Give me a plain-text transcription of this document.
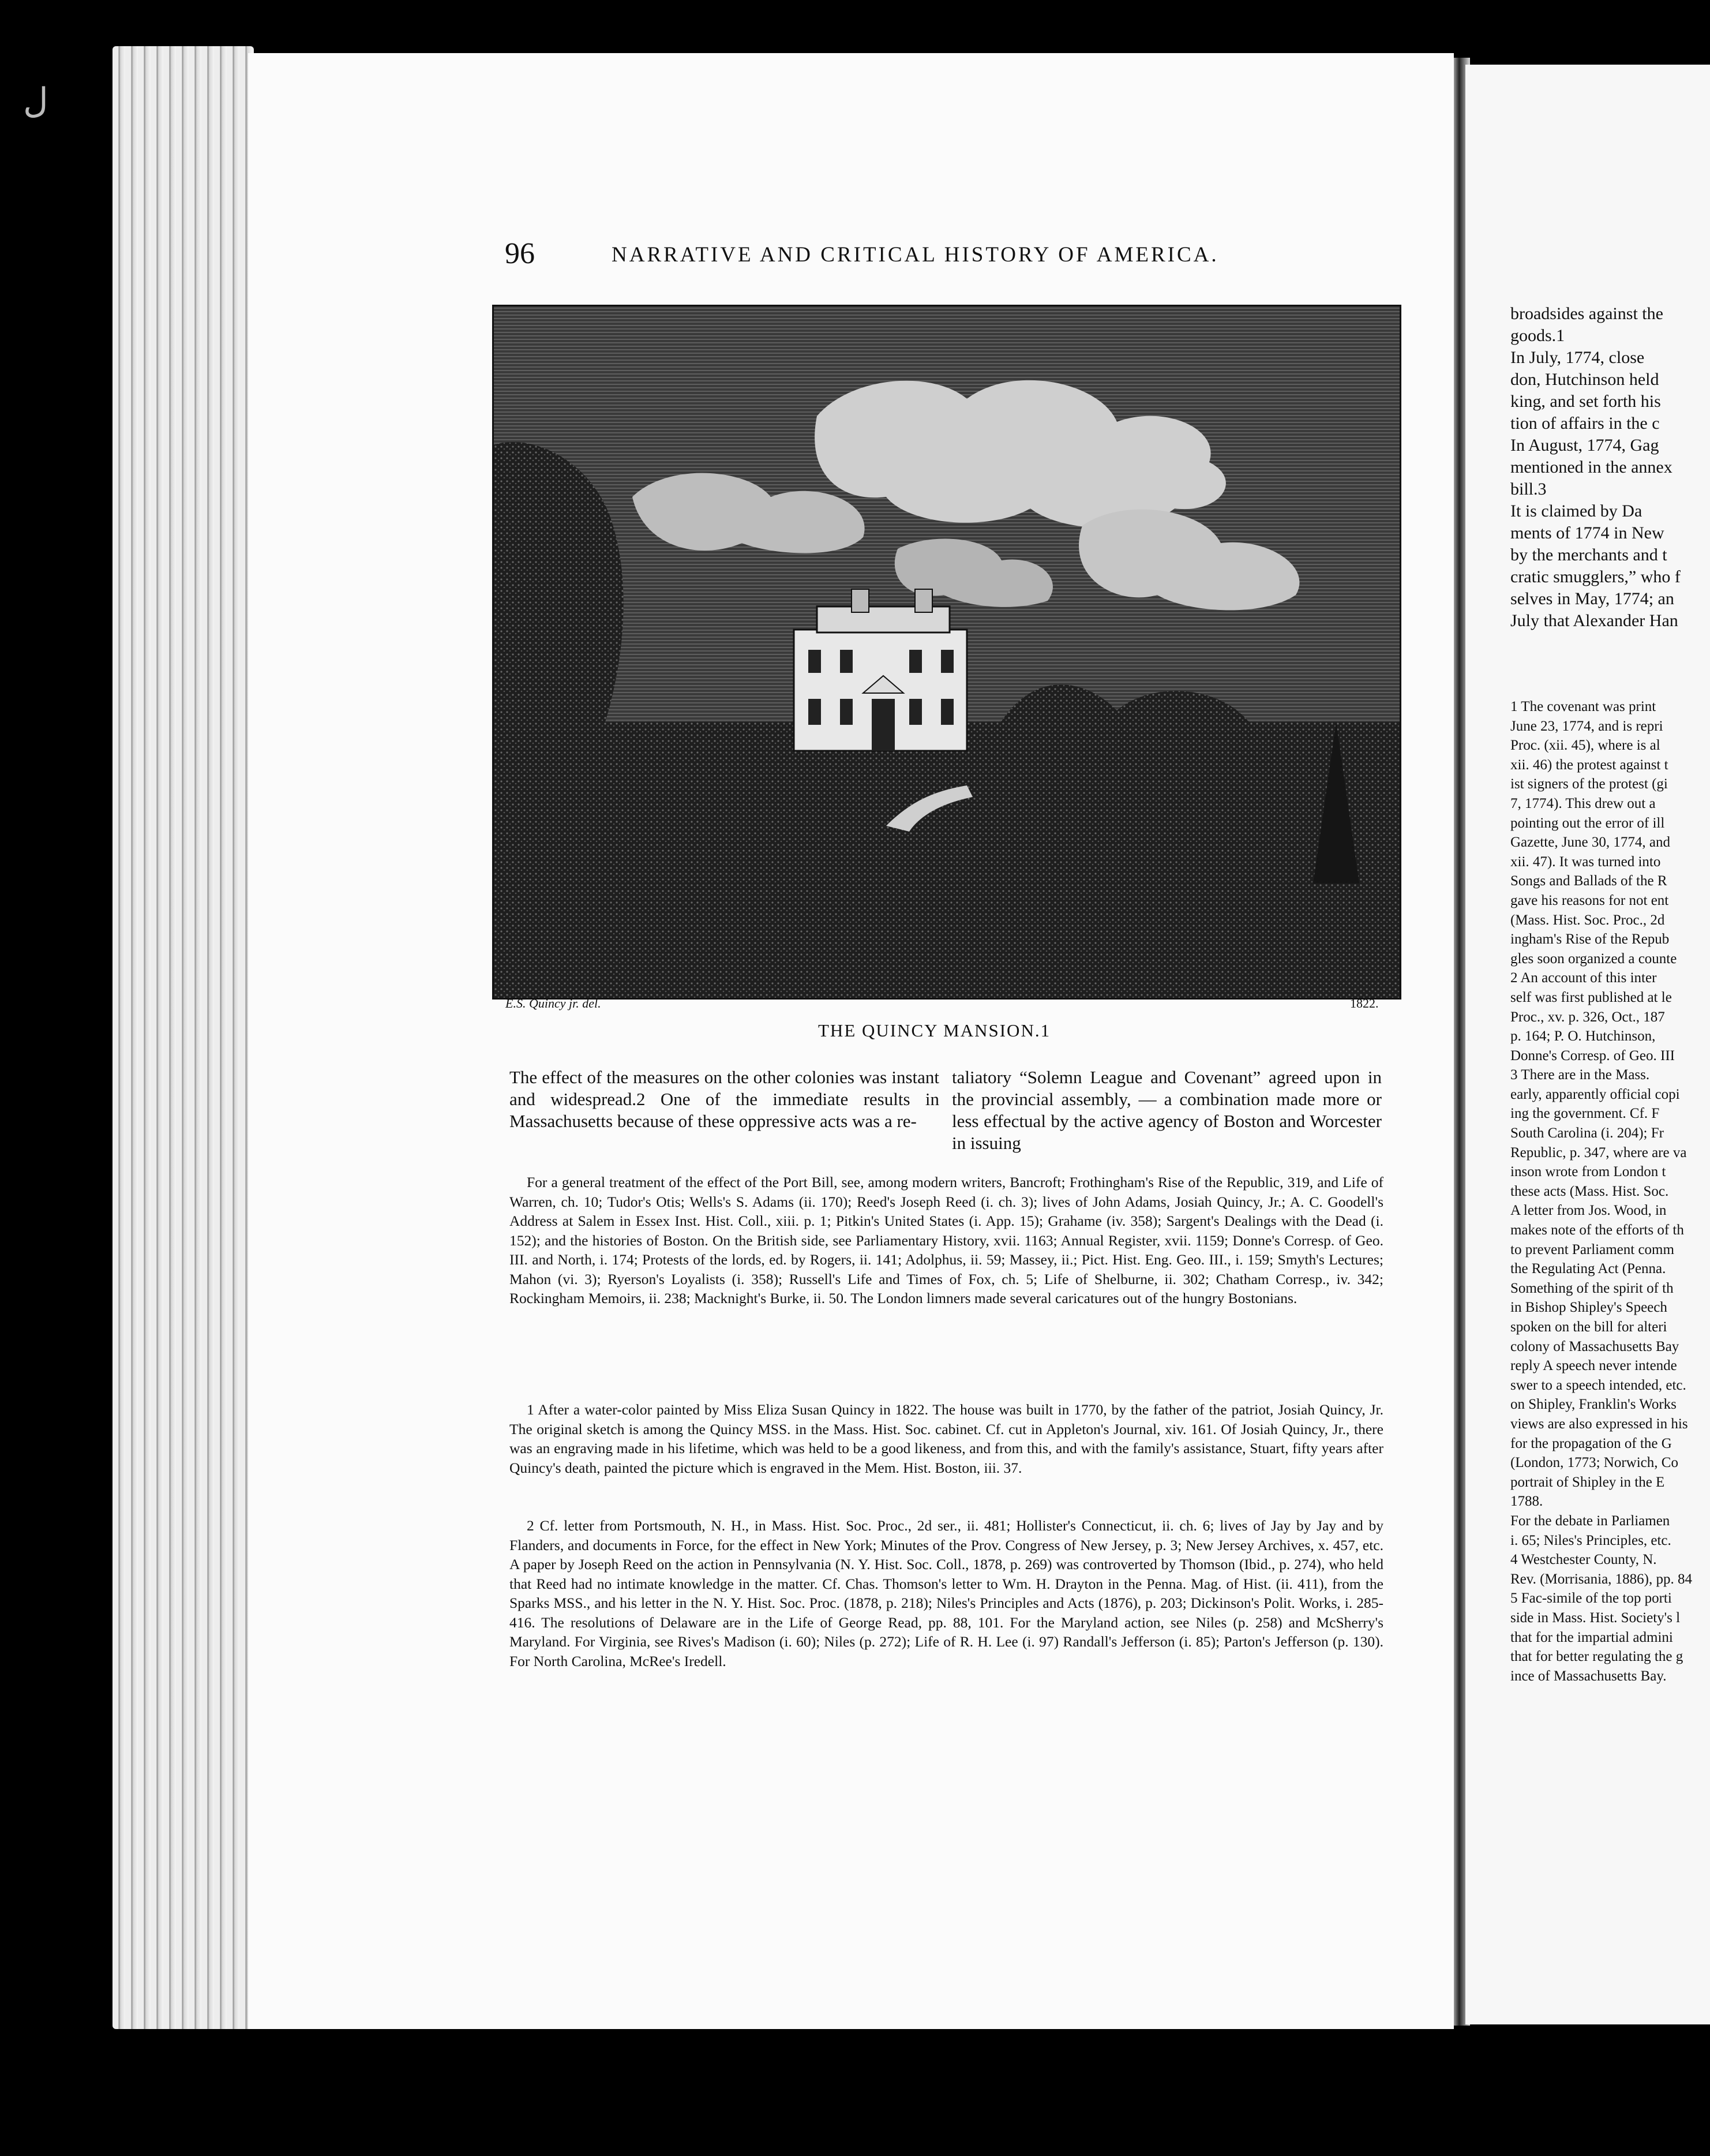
ل
96	NARRATIVE AND CRITICAL HISTORY OF AMERICA.
E.S. Quincy jr. del.	1822.
THE QUINCY MANSION.1

The effect of the measures on the other colonies was instant and widespread.2 One of the immediate results in Massachusetts because of these oppressive acts was a re-

taliatory “Solemn League and Covenant” agreed upon in the provincial assembly, — a combination made more or less effectual by the active agency of Boston and Worcester in issuing

For a general treatment of the effect of the Port Bill, see, among modern writers, Bancroft; Frothingham's Rise of the Republic, 319, and Life of Warren, ch. 10; Tudor's Otis; Wells's S. Adams (ii. 170); Reed's Joseph Reed (i. ch. 3); lives of John Adams, Josiah Quincy, Jr.; A. C. Goodell's Address at Salem in Essex Inst. Hist. Coll., xiii. p. 1; Pitkin's United States (i. App. 15); Grahame (iv. 358); Sargent's Dealings with the Dead (i. 152); and the histories of Boston. On the British side, see Parliamentary History, xvii. 1163; Annual Register, xvii. 1159; Donne's Corresp. of Geo. III. and North, i. 174; Protests of the lords, ed. by Rogers, ii. 141; Adolphus, ii. 59; Massey, ii.; Pict. Hist. Eng. Geo. III., i. 159; Smyth's Lectures; Mahon (vi. 3); Ryerson's Loyalists (i. 358); Russell's Life and Times of Fox, ch. 5; Life of Shelburne, ii. 302; Chatham Corresp., iv. 342; Rockingham Memoirs, ii. 238; Macknight's Burke, ii. 50. The London limners made several caricatures out of the hungry Bostonians.

1 After a water-color painted by Miss Eliza Susan Quincy in 1822. The house was built in 1770, by the father of the patriot, Josiah Quincy, Jr. The original sketch is among the Quincy MSS. in the Mass. Hist. Soc. cabinet. Cf. cut in Appleton's Journal, xiv. 161. Of Josiah Quincy, Jr., there was an engraving made in his lifetime, which was held to be a good likeness, and from this, and with the family's assistance, Stuart, fifty years after Quincy's death, painted the picture which is engraved in the Mem. Hist. Boston, iii. 37.

2 Cf. letter from Portsmouth, N. H., in Mass. Hist. Soc. Proc., 2d ser., ii. 481; Hollister's Connecticut, ii. ch. 6; lives of Jay by Jay and by Flanders, and documents in Force, for the effect in New York; Minutes of the Prov. Congress of New Jersey, p. 3; New Jersey Archives, x. 457, etc. A paper by Joseph Reed on the action in Pennsylvania (N. Y. Hist. Soc. Coll., 1878, p. 269) was controverted by Thomson (Ibid., p. 274), who held that Reed had no intimate knowledge in the matter. Cf. Chas. Thomson's letter to Wm. H. Drayton in the Penna. Mag. of Hist. (ii. 411), from the Sparks MSS., and his letter in the N. Y. Hist. Soc. Proc. (1878, p. 218); Niles's Principles and Acts (1876), p. 203; Dickinson's Polit. Works, i. 285-416. The resolutions of Delaware are in the Life of George Read, pp. 88, 101. For the Maryland action, see Niles (p. 258) and McSherry's Maryland. For Virginia, see Rives's Madison (i. 60); Niles (p. 272); Life of R. H. Lee (i. 97) Randall's Jefferson (i. 85); Parton's Jefferson (p. 130). For North Carolina, McRee's Iredell.

broadsides against the
goods.1
In July, 1774, close
don, Hutchinson held
king, and set forth his
tion of affairs in the c
In August, 1774, Gag
mentioned in the annex
bill.3
It is claimed by Da
ments of 1774 in New
by the merchants and t
cratic smugglers,” who f
selves in May, 1774; an
July that Alexander Han
1 The covenant was print
June 23, 1774, and is repri
Proc. (xii. 45), where is al
xii. 46) the protest against t
ist signers of the protest (gi
7, 1774). This drew out a
pointing out the error of ill
Gazette, June 30, 1774, and
xii. 47). It was turned into
Songs and Ballads of the R
gave his reasons for not ent
(Mass. Hist. Soc. Proc., 2d
ingham's Rise of the Repub
gles soon organized a counte
2 An account of this inter
self was first published at le
Proc., xv. p. 326, Oct., 187
p. 164; P. O. Hutchinson,
Donne's Corresp. of Geo. III
3 There are in the Mass.
early, apparently official copi
ing the government. Cf. F
South Carolina (i. 204); Fr
Republic, p. 347, where are va
inson wrote from London t
these acts (Mass. Hist. Soc.
A letter from Jos. Wood, in
makes note of the efforts of th
to prevent Parliament comm
the Regulating Act (Penna.
Something of the spirit of th
in Bishop Shipley's Speech
spoken on the bill for alteri
colony of Massachusetts Bay
reply A speech never intende
swer to a speech intended, etc.
on Shipley, Franklin's Works
views are also expressed in his
for the propagation of the G
(London, 1773; Norwich, Co
portrait of Shipley in the E
1788.
For the debate in Parliamen
i. 65; Niles's Principles, etc.
4 Westchester County, N.
Rev. (Morrisania, 1886), pp. 84
5 Fac-simile of the top porti
side in Mass. Hist. Society's l
that for the impartial admini
that for better regulating the g
ince of Massachusetts Bay.
